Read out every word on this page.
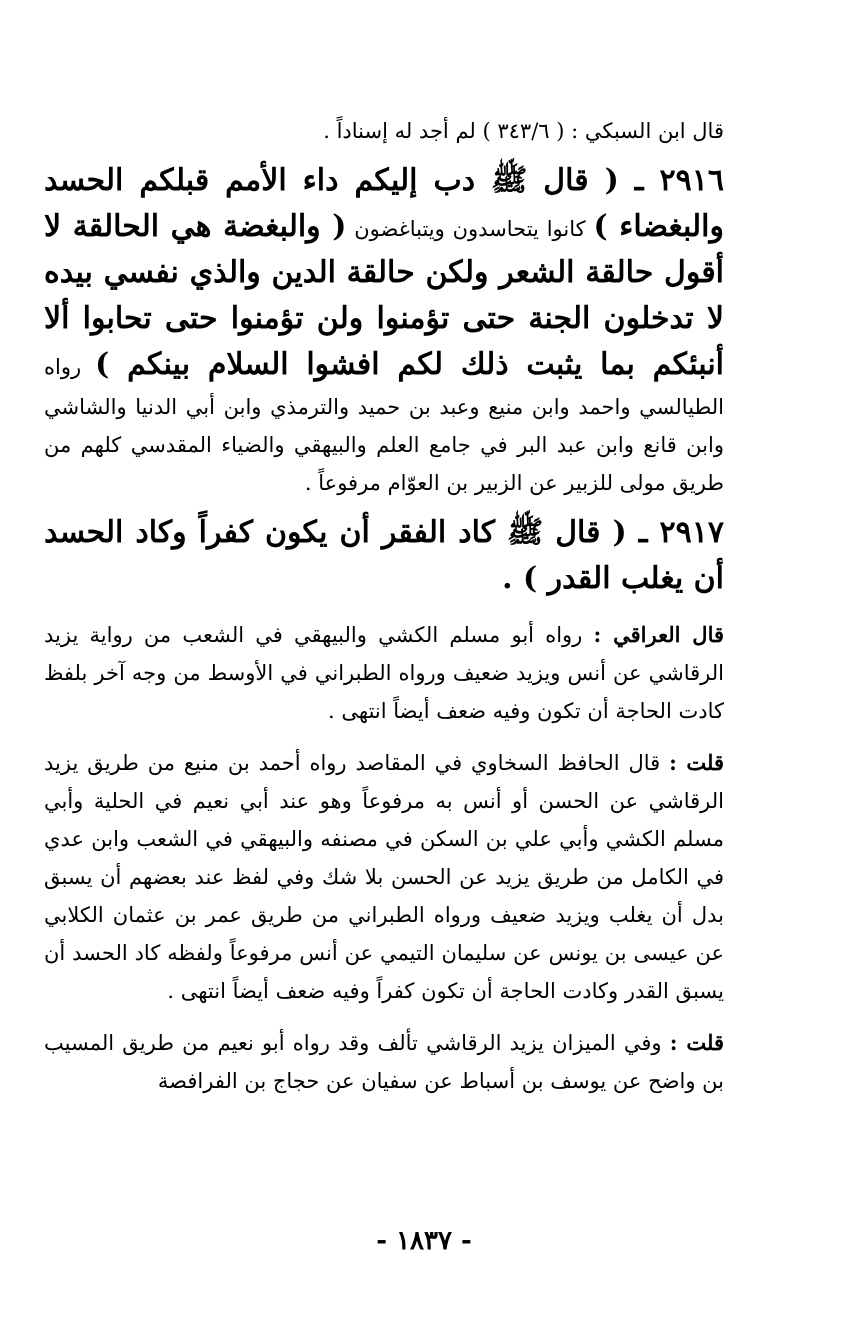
قال ابن السبكي : ( ٣٤٣/٦ ) لم أجد له إسناداً .

٢٩١٦ ـ ( قال ﷺ دب إليكم داء الأمم قبلكم الحسد والبغضاء ) كانوا يتحاسدون ويتباغضون ( والبغضة هي الحالقة لا أقول حالقة الشعر ولكن حالقة الدين والذي نفسي بيده لا تدخلون الجنة حتى تؤمنوا ولن تؤمنوا حتى تحابوا ألا أنبئكم بما يثبت ذلك لكم افشوا السلام بينكم ) رواه الطيالسي واحمد وابن منيع وعبد بن حميد والترمذي وابن أبي الدنيا والشاشي وابن قانع وابن عبد البر في جامع العلم والبيهقي والضياء المقدسي كلهم من طريق مولى للزبير عن الزبير بن العوّام مرفوعاً .

٢٩١٧ ـ ( قال ﷺ كاد الفقر أن يكون كفراً وكاد الحسد أن يغلب القدر ) .

قال العراقي : رواه أبو مسلم الكشي والبيهقي في الشعب من رواية يزيد الرقاشي عن أنس ويزيد ضعيف ورواه الطبراني في الأوسط من وجه آخر بلفظ كادت الحاجة أن تكون وفيه ضعف أيضاً انتهى .

قلت : قال الحافظ السخاوي في المقاصد رواه أحمد بن منيع من طريق يزيد الرقاشي عن الحسن أو أنس به مرفوعاً وهو عند أبي نعيم في الحلية وأبي مسلم الكشي وأبي علي بن السكن في مصنفه والبيهقي في الشعب وابن عدي في الكامل من طريق يزيد عن الحسن بلا شك وفي لفظ عند بعضهم أن يسبق بدل أن يغلب ويزيد ضعيف ورواه الطبراني من طريق عمر بن عثمان الكلابي عن عيسى بن يونس عن سليمان التيمي عن أنس مرفوعاً ولفظه كاد الحسد أن يسبق القدر وكادت الحاجة أن تكون كفراً وفيه ضعف أيضاً انتهى .

قلت : وفي الميزان يزيد الرقاشي تألف وقد رواه أبو نعيم من طريق المسيب بن واضح عن يوسف بن أسباط عن سفيان عن حجاج بن الفرافصة

- ١٨٣٧ -
